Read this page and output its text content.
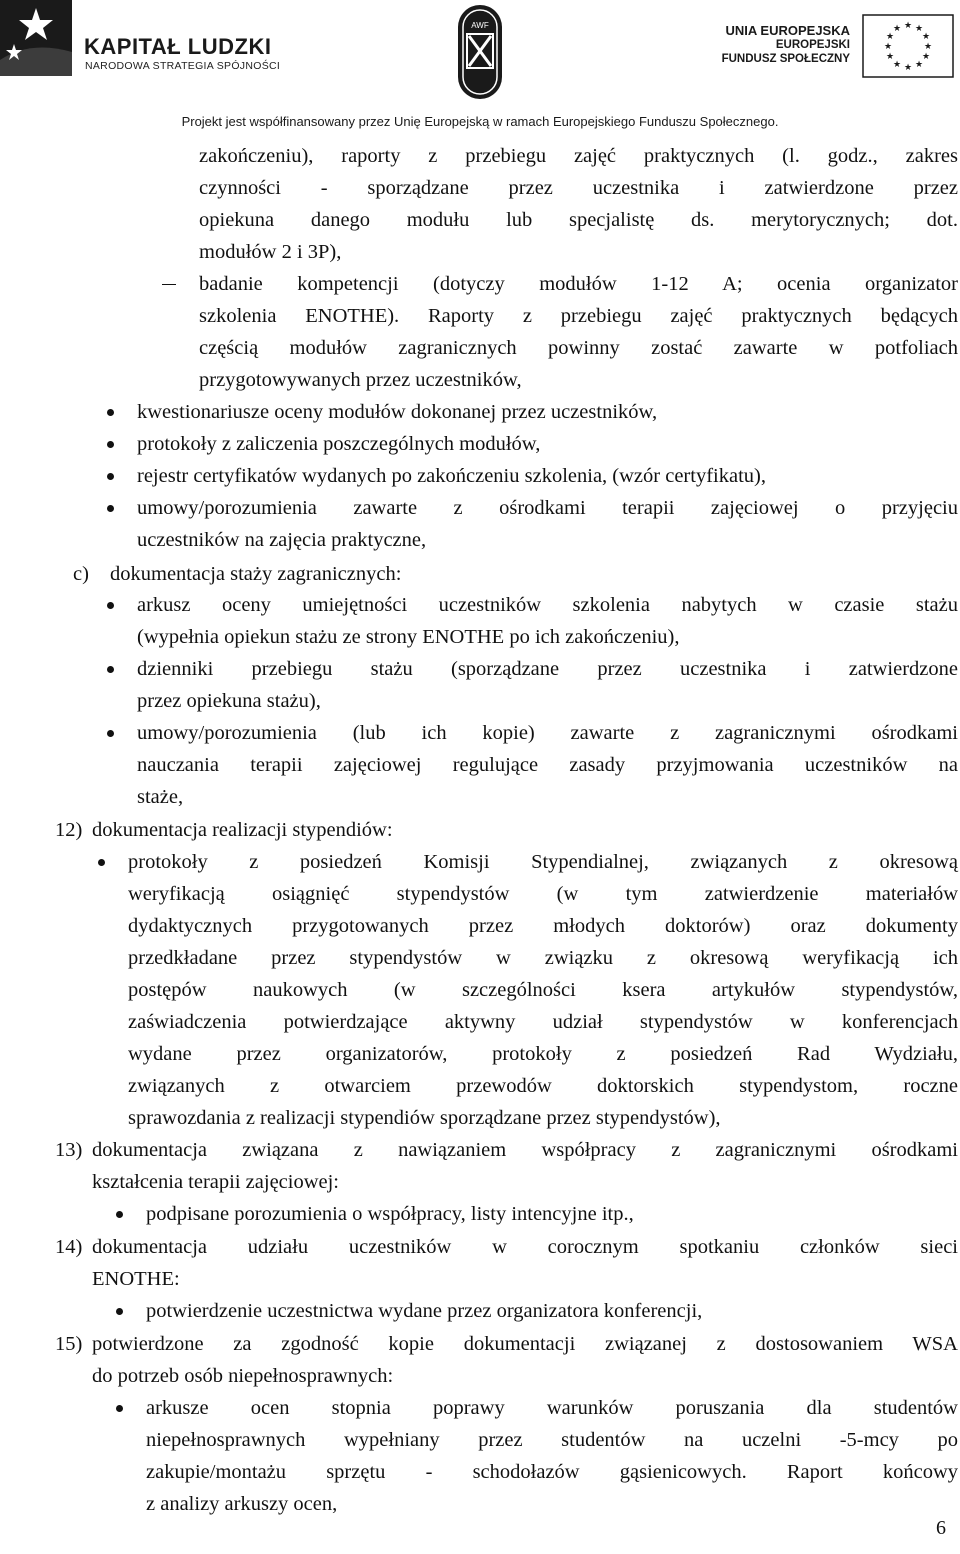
KAPITAŁ LUDZKI
NARODOWA STRATEGIA SPÓJNOŚCI
AWF	UNIA EUROPEJSKA
EUROPEJSKI
FUNDUSZ SPOŁECZNY
★ ★
★
★
★
★
★
★
★
★
★
★
Projekt jest współfinansowany przez Unię Europejską w ramach Europejskiego Funduszu Społecznego.
zakończeniu), raporty z przebiegu zajęć praktycznych (l. godz., zakres
czynności - sporządzane przez uczestnika i zatwierdzone przez
opiekuna danego modułu lub specjalistę ds. merytorycznych; dot.
modułów 2 i 3P),
badanie kompetencji (dotyczy modułów 1-12 A; ocenia organizator
szkolenia ENOTHE). Raporty z przebiegu zajęć praktycznych będących
częścią modułów zagranicznych powinny zostać zawarte w potfoliach
przygotowywanych przez uczestników,
kwestionariusze oceny modułów dokonanej przez uczestników,
protokoły z zaliczenia poszczególnych modułów,
rejestr certyfikatów wydanych po zakończeniu szkolenia, (wzór certyfikatu),
umowy/porozumienia zawarte z ośrodkami terapii zajęciowej o przyjęciu
uczestników na zajęcia praktyczne,
c) dokumentacja staży zagranicznych:
arkusz oceny umiejętności uczestników szkolenia nabytych w czasie stażu
(wypełnia opiekun stażu ze strony ENOTHE po ich zakończeniu),
dzienniki przebiegu stażu (sporządzane przez uczestnika i zatwierdzone
przez opiekuna stażu),
umowy/porozumienia (lub ich kopie) zawarte z zagranicznymi ośrodkami
nauczania terapii zajęciowej regulujące zasady przyjmowania uczestników na
staże,
12) dokumentacja realizacji stypendiów:
protokoły z posiedzeń Komisji Stypendialnej, związanych z okresową
weryfikacją osiągnięć stypendystów (w tym zatwierdzenie materiałów
dydaktycznych przygotowanych przez młodych doktorów) oraz dokumenty
przedkładane przez stypendystów w związku z okresową weryfikacją ich
postępów naukowych (w szczególności ksera artykułów stypendystów,
zaświadczenia potwierdzające aktywny udział stypendystów w konferencjach
wydane przez organizatorów, protokoły z posiedzeń Rad Wydziału,
związanych z otwarciem przewodów doktorskich stypendystom, roczne
sprawozdania z realizacji stypendiów sporządzane przez stypendystów),
13) dokumentacja związana z nawiązaniem współpracy z zagranicznymi ośrodkami
kształcenia terapii zajęciowej:
podpisane porozumienia o współpracy, listy intencyjne itp.,
14) dokumentacja udziału uczestników w corocznym spotkaniu członków sieci
ENOTHE:
potwierdzenie uczestnictwa wydane przez organizatora konferencji,
15) potwierdzone za zgodność kopie dokumentacji związanej z dostosowaniem WSA
do potrzeb osób niepełnosprawnych:
arkusze ocen stopnia poprawy warunków poruszania dla studentów
niepełnosprawnych wypełniany przez studentów na uczelni -5-mcy po
zakupie/montażu sprzętu - schodołazów gąsienicowych. Raport końcowy
z analizy arkuszy ocen,
6
